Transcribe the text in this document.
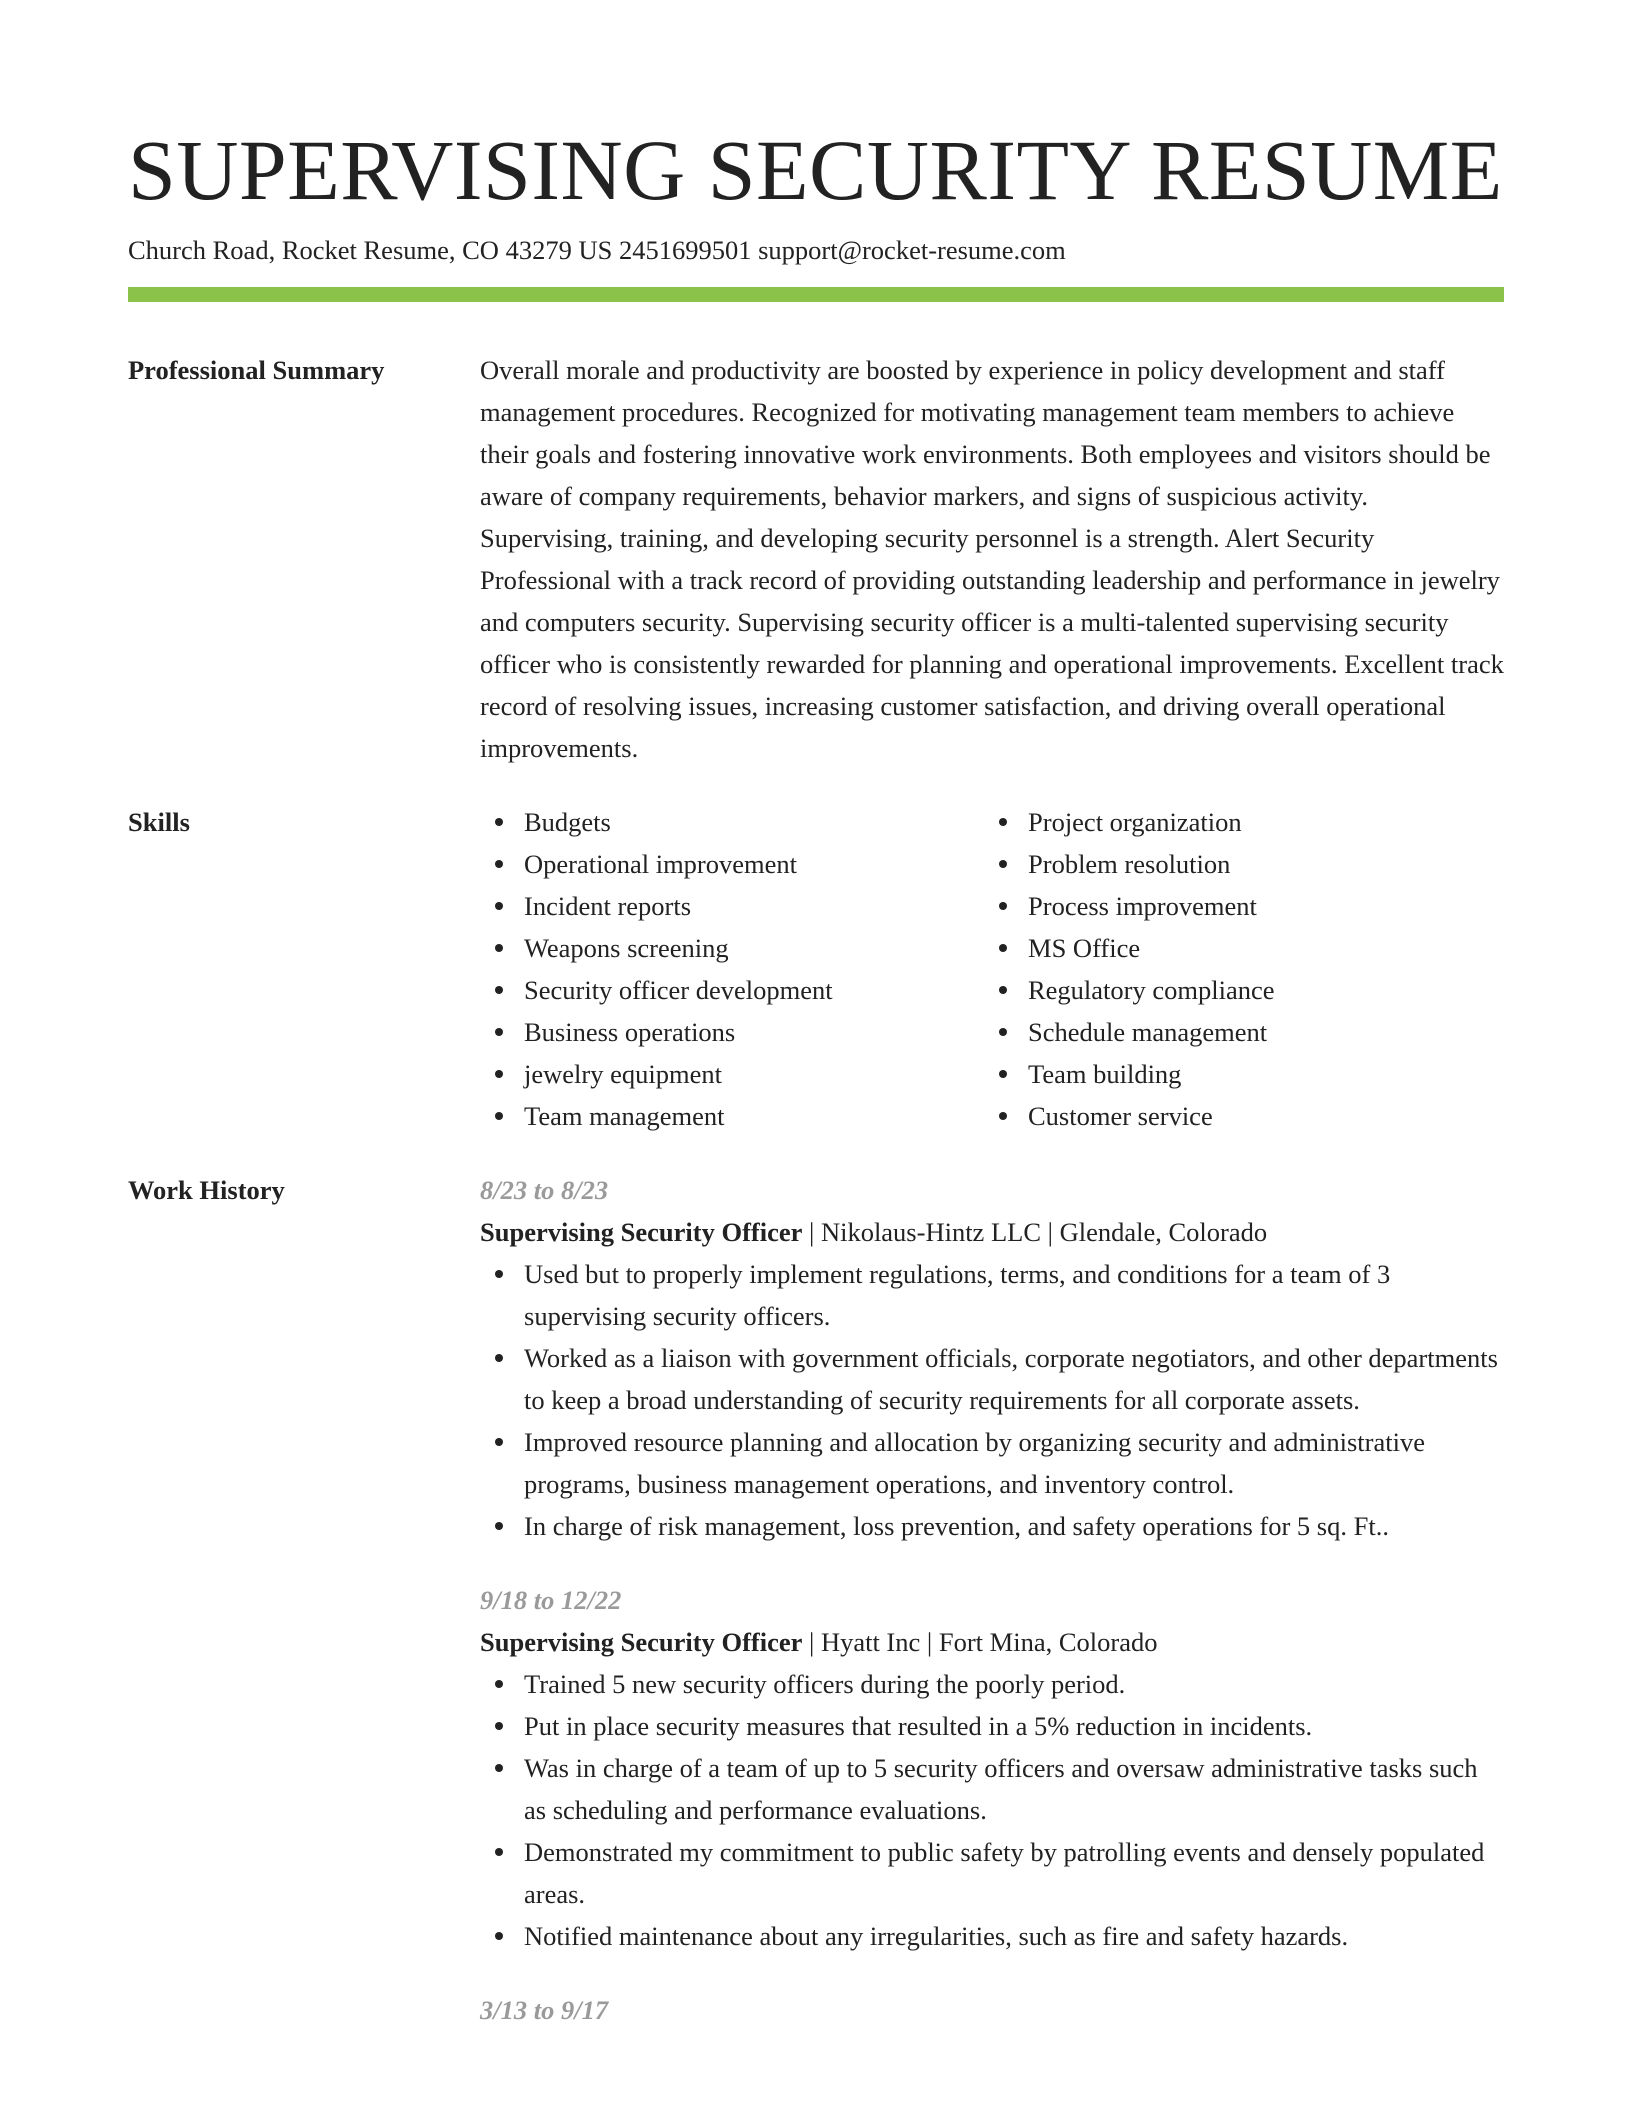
SUPERVISING SECURITY RESUME
Church Road, Rocket Resume, CO 43279 US 2451699501 support@rocket-resume.com
Professional Summary	Overall morale and productivity are boosted by experience in policy development and staff management procedures. Recognized for motivating management team members to achieve their goals and fostering innovative work environments. Both employees and visitors should be aware of company requirements, behavior markers, and signs of suspicious activity. Supervising, training, and developing security personnel is a strength. Alert Security Professional with a track record of providing outstanding leadership and performance in jewelry and computers security. Supervising security officer is a multi-talented supervising security officer who is consistently rewarded for planning and operational improvements. Excellent track record of resolving issues, increasing customer satisfaction, and driving overall operational improvements.

Skills	Budgets
Operational improvement
Incident reports
Weapons screening
Security officer development
Business operations
jewelry equipment
Team management
Project organization
Problem resolution
Process improvement
MS Office
Regulatory compliance
Schedule management
Team building
Customer service
Work History	8/23 to 8/23
Supervising Security Officer | Nikolaus-Hintz LLC | Glendale, Colorado
Used but to properly implement regulations, terms, and conditions for a team of 3 supervising security officers.
Worked as a liaison with government officials, corporate negotiators, and other departments to keep a broad understanding of security requirements for all corporate assets.
Improved resource planning and allocation by organizing security and administrative programs, business management operations, and inventory control.
In charge of risk management, loss prevention, and safety operations for 5 sq. Ft..
9/18 to 12/22
Supervising Security Officer | Hyatt Inc | Fort Mina, Colorado
Trained 5 new security officers during the poorly period.
Put in place security measures that resulted in a 5% reduction in incidents.
Was in charge of a team of up to 5 security officers and oversaw administrative tasks such as scheduling and performance evaluations.
Demonstrated my commitment to public safety by patrolling events and densely populated areas.
Notified maintenance about any irregularities, such as fire and safety hazards.
3/13 to 9/17
